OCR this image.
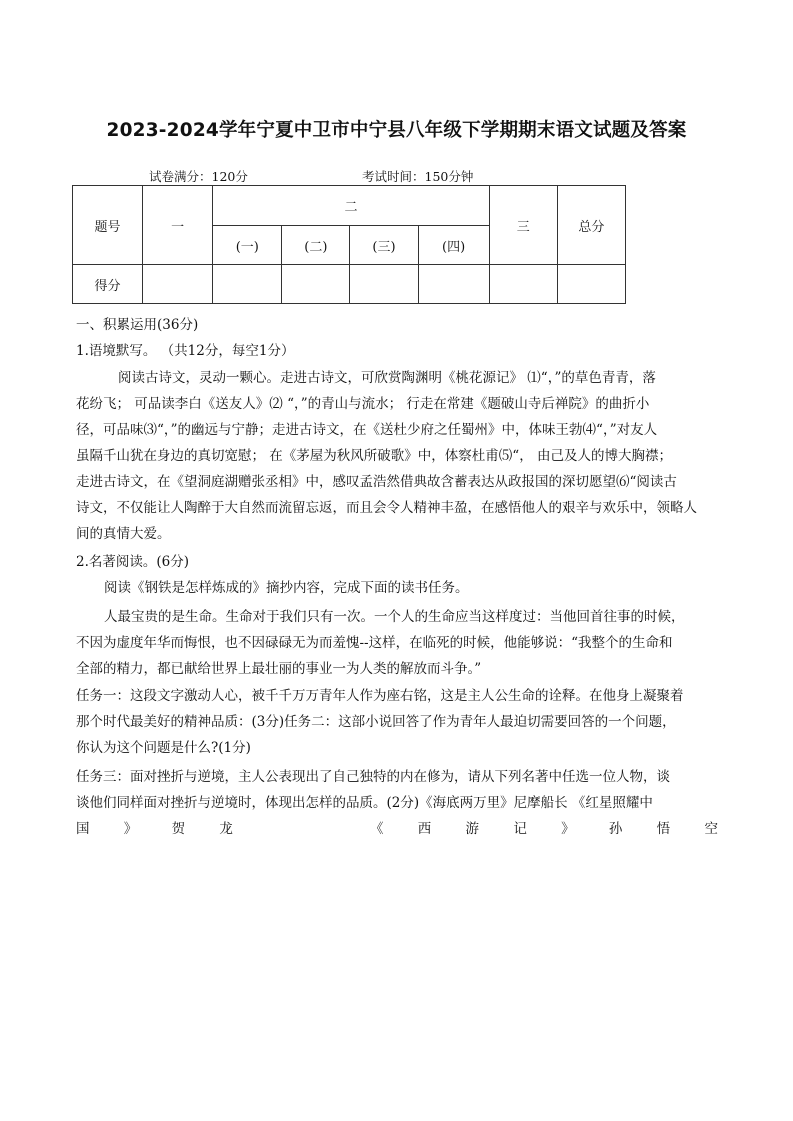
2023-2024学年宁夏中卫市中宁县八年级下学期期末语文试题及答案
试卷满分：120分	考试时间：150分钟
题号	一	二				三	总分
		(一)	(二)	(三)	(四)		
得分							
一、积累运用(36分)
1.语境默写。 （共12分，每空1分）
阅读古诗文，灵动一颗心。走进古诗文，可欣赏陶渊明《桃花源记》 ⑴“，”的草色青青，落
花纷飞； 可品读李白《送友人》⑵ “，”的青山与流水； 行走在常建《题破山寺后禅院》的曲折小
径，可品味⑶“，”的幽远与宁静；走进古诗文，在《送杜少府之任蜀州》中，体味王勃⑷“，”对友人
虽隔千山犹在身边的真切宽慰； 在《茅屋为秋风所破歌》中，体察杜甫⑸“， 由己及人的博大胸襟；
走进古诗文，在《望洞庭湖赠张丞相》中，感叹孟浩然借典故含蓄表达从政报国的深切愿望⑹“阅读古
诗文，不仅能让人陶醉于大自然而流留忘返，而且会令人精神丰盈，在感悟他人的艰辛与欢乐中，领略人
间的真情大爱。
2.名著阅读。(6分)
阅读《钢铁是怎样炼成的》摘抄内容，完成下面的读书任务。
人最宝贵的是生命。生命对于我们只有一次。一个人的生命应当这样度过：当他回首往事的时候，
不因为虚度年华而悔恨，也不因碌碌无为而羞愧--这样，在临死的时候，他能够说：“我整个的生命和
全部的精力，都已献给世界上最壮丽的事业一为人类的解放而斗争。”
任务一：这段文字激动人心，被千千万万青年人作为座右铭，这是主人公生命的诠释。在他身上凝聚着
那个时代最美好的精神品质：(3分)任务二：这部小说回答了作为青年人最迫切需要回答的一个问题，
你认为这个问题是什么?(1分)
任务三：面对挫折与逆境，主人公表现出了自己独特的内在修为，请从下列名著中任选一位人物，谈
谈他们同样面对挫折与逆境时，体现出怎样的品质。(2分)《海底两万里》尼摩船长 《红星照耀中
国	》	贺	龙	《	西	游	记	》	孙	悟	空
